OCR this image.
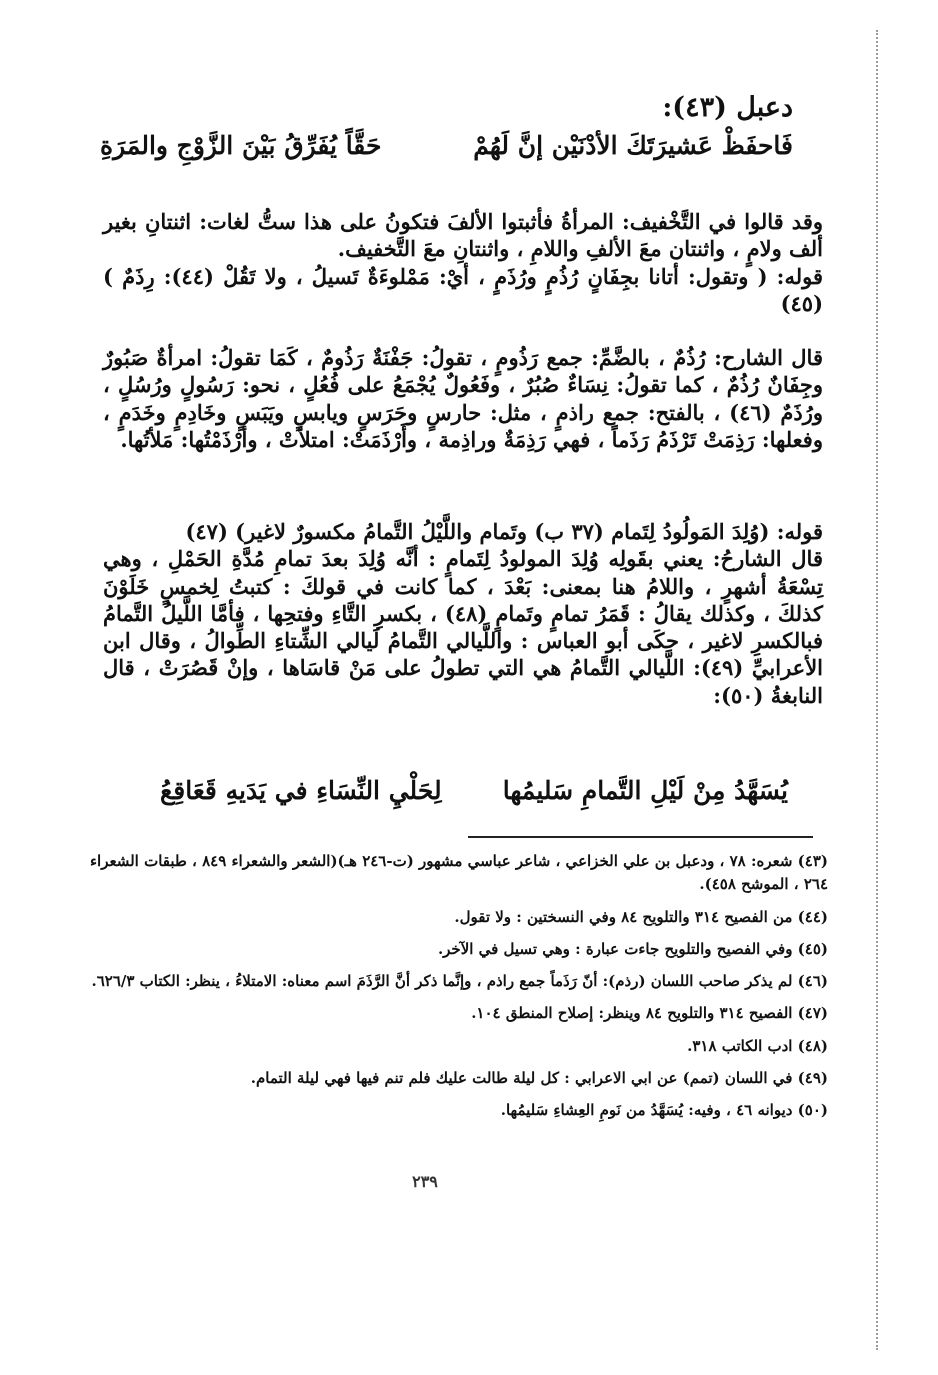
دعبل (٤٣):
فَاحفَظْ عَشيرَتَكَ الأدْنَيْن إنَّ لَهُمْ
حَقَّاً يُفَرِّقُ بَيْنَ الزَّوْجِ والمَرَةِ

وقد قالوا في التَّخْفيف: المرأةُ فأثبتوا الألفَ فتكونُ على هذا ستُّ لغات: اثنتانِ بغير ألف ولامٍ ، واثنتان معَ الألفِ واللامِ ، واثنتانِ معَ التَّخفيف.

قوله: ( وتقول: أتانا بجِفَانٍ رُذُمٍ ورُذَمٍ ، أيْ: مَمْلوءَةٌ تَسيلُ ، ولا تَقُلْ (٤٤): رِذَمٌ ) (٤٥)

قال الشارح: رُذُمٌ ، بالضَّمِّ: جمع رَذُومٍ ، تقولُ: جَفْنَةٌ رَذُومٌ ، كَمَا تقولُ: امرأةٌ صَبُورٌ وجِفَانٌ رُذُمٌ ، كما تقولُ: نِسَاءٌ صُبُرٌ ، وفَعُولٌ يُجْمَعُ على فُعُلٍ ، نحو: رَسُولٍ ورُسُلٍ ، ورُذَمٌ (٤٦) ، بالفتح: جمع راذمٍ ، مثل: حارسٍ وحَرَسٍ ويابسٍ ويَبَسٍ وخَادِمٍ وخَدَمٍ ، وفعلها: رَذِمَتْ تَرْذَمُ رَذَماً ، فهي رَذِمَةٌ وراذِمة ، وأَرْذَمَتْ: امتلأتْ ، وأرْذَمْتُها: مَلأتُها.

قوله: (وُلِدَ المَولُودُ لِتَمام (٣٧ ب) وتَمام واللَّيْلُ التَّمامُ مكسورٌ لاغير) (٤٧)

قال الشارحُ: يعني بقَولِه وُلِدَ المولودُ لِتَمامٍ : أنَّه وُلِدَ بعدَ تمامِ مُدَّةِ الحَمْلِ ، وهي تِسْعَةُ أشهرٍ ، واللامُ هنا بمعنى: بَعْدَ ، كما كانت في قولكَ : كتبتُ لِخمسٍ خَلَوْنَ كذلكَ ، وكذلك يقالُ : قَمَرُ تمامٍ وتَمامٍ (٤٨) ، بكسرِ التَّاءِ وفتحِها ، فأمَّا اللَّيلُ التَّمامُ فبالكسرِ لاغير ، حكَى أبو العباس : واللَّيالي التَّمامُ لَيالي الشِّتاءِ الطِّوالُ ، وقال ابن الأعرابيِّ (٤٩): اللَّيالي التَّمامُ هي التي تطولُ على مَنْ قاسَاها ، وإنْ قَصُرَتْ ، قال النابغةُ (٥٠):

يُسَهَّدُ مِنْ لَيْلِ التَّمامِ سَليمُها
لِحَلْيِ النِّسَاءِ في يَدَيهِ قَعَاقِعُ

(٤٣) شعره: ٧٨ ، ودعبل بن علي الخزاعي ، شاعر عباسي مشهور (ت-٢٤٦ هـ)(الشعر والشعراء ٨٤٩ ، طبقات الشعراء ٢٦٤ ، الموشح ٤٥٨).

(٤٤) من الفصيح ٣١٤ والتلويح ٨٤ وفي النسختين : ولا تقول.

(٤٥) وفي الفصيح والتلويح جاءت عبارة : وهي تسيل في الآخر.

(٤٦) لم يذكر صاحب اللسان (رذم): أنّ رَذَماً جمع راذم ، وإنَّما ذكر أنَّ الرَّذَمَ اسم معناه: الامتلاءُ ، ينظر: الكتاب ٦٢٦/٣.

(٤٧) الفصيح ٣١٤ والتلويح ٨٤ وينظر: إصلاح المنطق ١٠٤.

(٤٨) ادب الكاتب ٣١٨.

(٤٩) في اللسان (تمم) عن ابي الاعرابي : كل ليلة طالت عليك فلم تنم فيها فهي ليلة التمام.

(٥٠) ديوانه ٤٦ ، وفيه: يُسَهَّدُ من نَومِ العِشاءِ سَليمُها.

٢٣٩
